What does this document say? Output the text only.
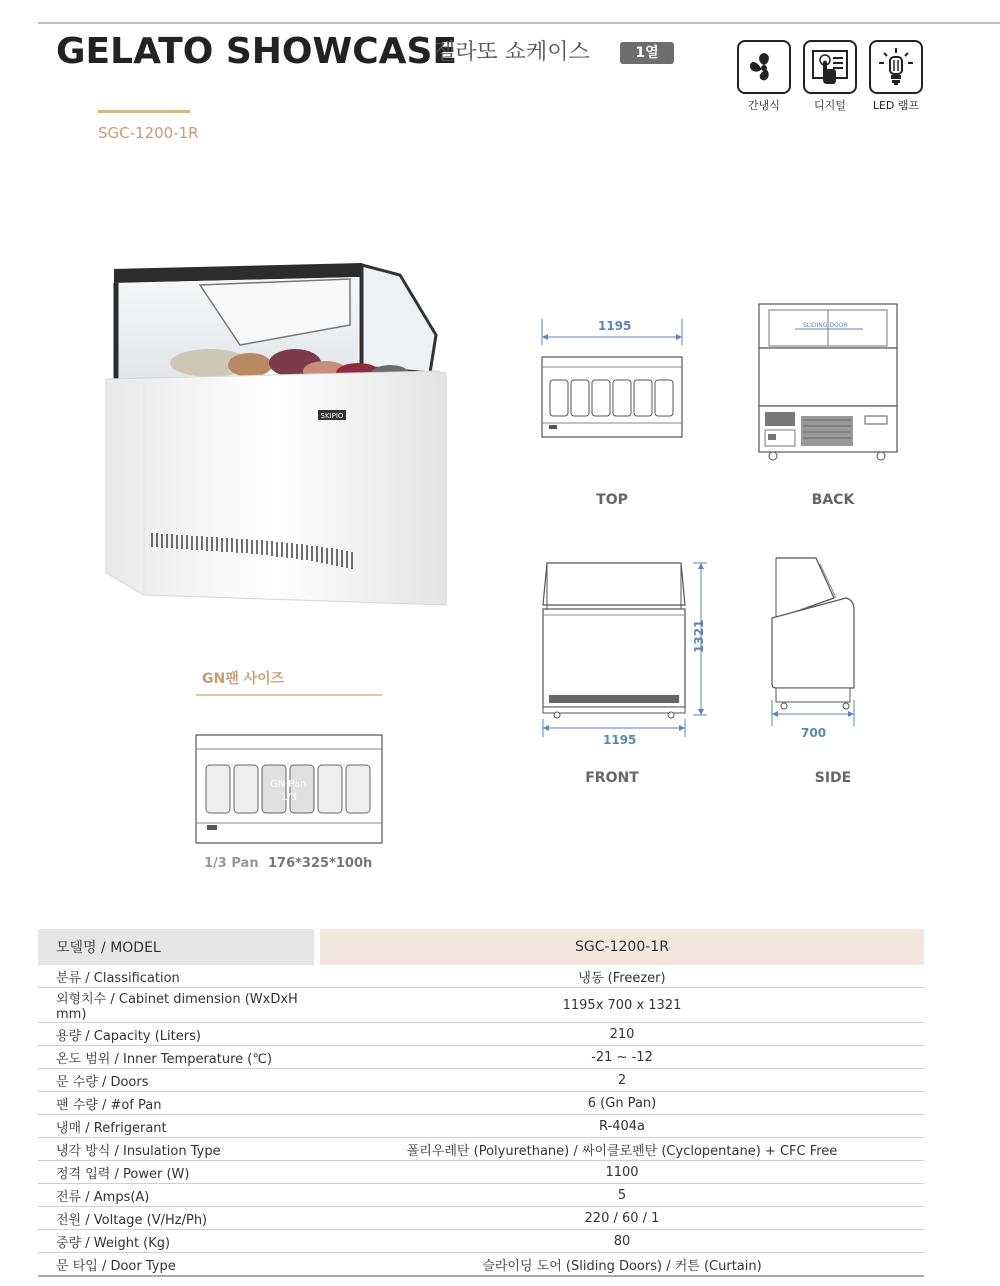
GELATO SHOWCASE
젤라또 쇼케이스	1열
간냉식	디지털	LED 램프
SGC-1200-1R
SKIPIO
1195
TOP
SLIDING DOOR
BACK
1195
1321
FRONT
700
SIDE
GN팬 사이즈
GN Pan
1/3
1/3 Pan 176*325*100h
모델명 / MODEL		SGC-1200-1R
분류 / Classification		냉동 (Freezer)
외형치수 / Cabinet dimension (WxDxH mm)		1195x 700 x 1321
용량 / Capacity (Liters)		210
온도 범위 / Inner Temperature (℃)		-21 ~ -12
문 수량 / Doors		2
팬 수량 / #of Pan		6 (Gn Pan)
냉매 / Refrigerant		R-404a
냉각 방식 / Insulation Type		폴리우레탄 (Polyurethane) / 싸이클로펜탄 (Cyclopentane) + CFC Free
정격 입력 / Power (W)		1100
전류 / Amps(A)		5
전원 / Voltage (V/Hz/Ph)		220 / 60 / 1
중량 / Weight (Kg)		80
문 타입 / Door Type		슬라이딩 도어 (Sliding Doors) / 커튼 (Curtain)
